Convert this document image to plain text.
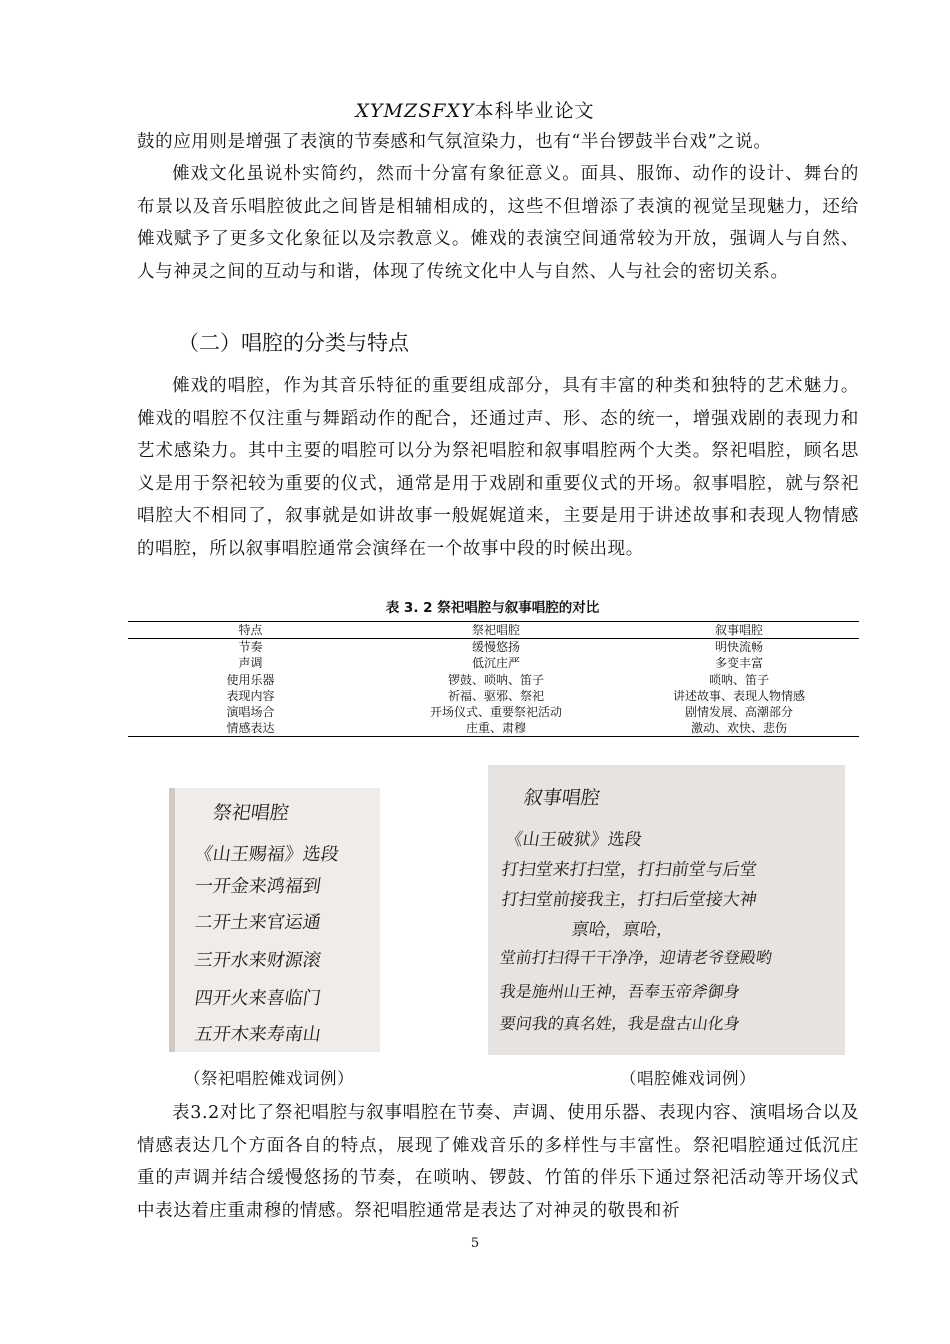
XYMZSFXY本科毕业论文

鼓的应用则是增强了表演的节奏感和气氛渲染力，也有“半台锣鼓半台戏”之说。

傩戏文化虽说朴实简约，然而十分富有象征意义。面具、服饰、动作的设计、舞台的布景以及音乐唱腔彼此之间皆是相辅相成的，这些不但增添了表演的视觉呈现魅力，还给傩戏赋予了更多文化象征以及宗教意义。傩戏的表演空间通常较为开放，强调人与自然、人与神灵之间的互动与和谐，体现了传统文化中人与自然、人与社会的密切关系。

（二）唱腔的分类与特点

傩戏的唱腔，作为其音乐特征的重要组成部分，具有丰富的种类和独特的艺术魅力。傩戏的唱腔不仅注重与舞蹈动作的配合，还通过声、形、态的统一，增强戏剧的表现力和艺术感染力。其中主要的唱腔可以分为祭祀唱腔和叙事唱腔两个大类。祭祀唱腔，顾名思义是用于祭祀较为重要的仪式，通常是用于戏剧和重要仪式的开场。叙事唱腔，就与祭祀唱腔大不相同了，叙事就是如讲故事一般娓娓道来，主要是用于讲述故事和表现人物情感的唱腔，所以叙事唱腔通常会演绎在一个故事中段的时候出现。

表 3. 2 祭祀唱腔与叙事唱腔的对比
特点	祭祀唱腔	叙事唱腔
节奏	缓慢悠扬	明快流畅
声调	低沉庄严	多变丰富
使用乐器	锣鼓、唢呐、笛子	唢呐、笛子
表现内容	祈福、驱邪、祭祀	讲述故事、表现人物情感
演唱场合	开场仪式、重要祭祀活动	剧情发展、高潮部分
情感表达	庄重、肃穆	激动、欢快、悲伤
祭祀唱腔
《山王赐福》选段
一开金来鸿福到
二开土来官运通
三开水来财源滚
四开火来喜临门
五开木来寿南山
叙事唱腔
《山王破狱》选段
打扫堂来打扫堂，打扫前堂与后堂
打扫堂前接我主，打扫后堂接大神
禀哈，禀哈，
堂前打扫得干干净净，迎请老爷登殿哟
我是施州山王神，吾奉玉帝斧御身
要问我的真名姓，我是盘古山化身
（祭祀唱腔傩戏词例）	（唱腔傩戏词例）

表3.2对比了祭祀唱腔与叙事唱腔在节奏、声调、使用乐器、表现内容、演唱场合以及情感表达几个方面各自的特点，展现了傩戏音乐的多样性与丰富性。祭祀唱腔通过低沉庄重的声调并结合缓慢悠扬的节奏，在唢呐、锣鼓、竹笛的伴乐下通过祭祀活动等开场仪式中表达着庄重肃穆的情感。祭祀唱腔通常是表达了对神灵的敬畏和祈

5
